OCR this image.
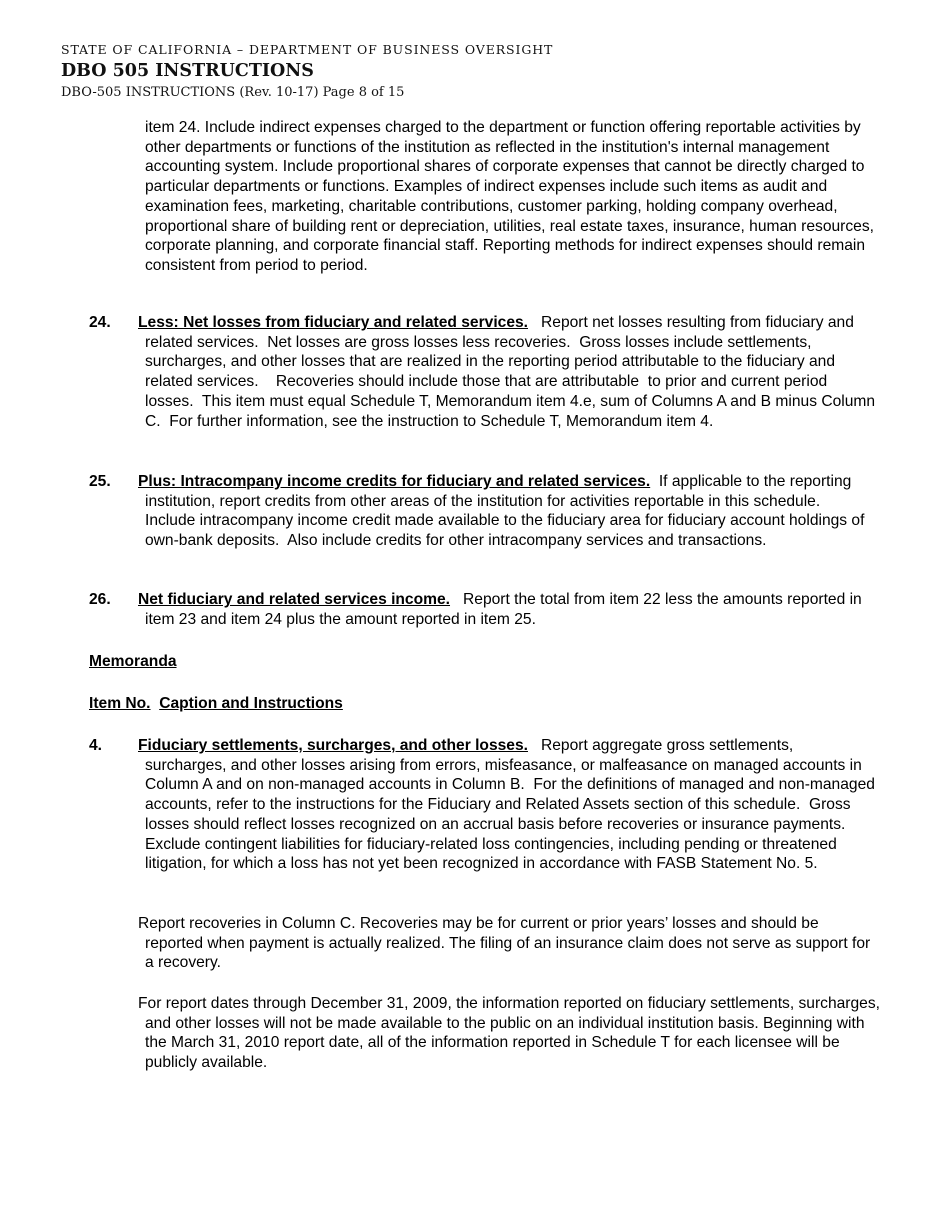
STATE OF CALIFORNIA – DEPARTMENT OF BUSINESS OVERSIGHT
DBO 505 INSTRUCTIONS
DBO-505 INSTRUCTIONS (Rev. 10-17) Page 8 of 15

item 24. Include indirect expenses charged to the department or function offering reportable activities by other departments or functions of the institution as reflected in the institution's internal management accounting system. Include proportional shares of corporate expenses that cannot be directly charged to particular departments or functions. Examples of indirect expenses include such items as audit and examination fees, marketing, charitable contributions, customer parking, holding company overhead, proportional share of building rent or depreciation, utilities, real estate taxes, insurance, human resources, corporate planning, and corporate financial staff. Reporting methods for indirect expenses should remain consistent from period to period.

24. Less: Net losses from fiduciary and related services.   Report net losses resulting from fiduciary and related services.  Net losses are gross losses less recoveries.  Gross losses include settlements, surcharges, and other losses that are realized in the reporting period attributable to the fiduciary and related services.    Recoveries should include those that are attributable  to prior and current period losses.  This item must equal Schedule T, Memorandum item 4.e, sum of Columns A and B minus Column C.  For further information, see the instruction to Schedule T, Memorandum item 4.

25. Plus: Intracompany income credits for fiduciary and related services.  If applicable to the reporting institution, report credits from other areas of the institution for activities reportable in this schedule.  Include intracompany income credit made available to the fiduciary area for fiduciary account holdings of own-bank deposits.  Also include credits for other intracompany services and transactions.

26. Net fiduciary and related services income.   Report the total from item 22 less the amounts reported in item 23 and item 24 plus the amount reported in item 25.

Memoranda

Item No. Caption and Instructions

4. Fiduciary settlements, surcharges, and other losses.   Report aggregate gross settlements, surcharges, and other losses arising from errors, misfeasance, or malfeasance on managed accounts in Column A and on non-managed accounts in Column B.  For the definitions of managed and non-managed accounts, refer to the instructions for the Fiduciary and Related Assets section of this schedule.  Gross losses should reflect losses recognized on an accrual basis before recoveries or insurance payments.  Exclude contingent liabilities for fiduciary-related loss contingencies, including pending or threatened litigation, for which a loss has not yet been recognized in accordance with FASB Statement No. 5.

Report recoveries in Column C. Recoveries may be for current or prior years’ losses and should be reported when payment is actually realized. The filing of an insurance claim does not serve as support for a recovery.

For report dates through December 31, 2009, the information reported on fiduciary settlements, surcharges, and other losses will not be made available to the public on an individual institution basis. Beginning with the March 31, 2010 report date, all of the information reported in Schedule T for each licensee will be publicly available.
